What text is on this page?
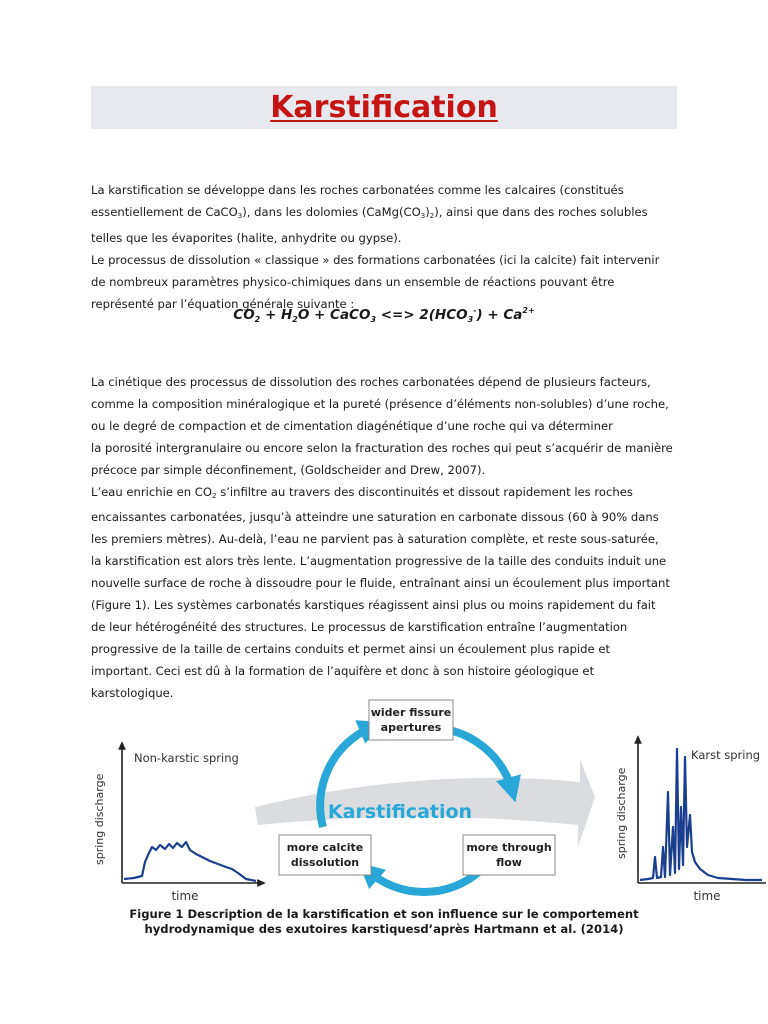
Karstification

La karstification se développe dans les roches carbonatées comme les calcaires (constitués

essentiellement de CaCO$_3$), dans les dolomies $(CaMg(CO_3)_2)$, ainsi que dans des roches solubles

telles que les évaporites (halite, anhydrite ou gypse).

Le processus de dissolution « classique » des formations carbonatées (ici la calcite) fait intervenir

de nombreux paramètres physico-chimiques dans un ensemble de réactions pouvant être

représenté par l’équation générale suivante :

$CO_2 + H_2O$ + CaCO$_3$ <=> $2(HCO_3^-) + Ca^{2+}$

La cinétique des processus de dissolution des roches carbonatées dépend de plusieurs facteurs,

comme la composition minéralogique et la pureté (présence d’éléments non-solubles) d’une roche,

ou le degré de compaction et de cimentation diagénétique d’une roche qui va déterminer

la porosité intergranulaire ou encore selon la fracturation des roches qui peut s’acquérir de manière

précoce par simple déconfinement, (Goldscheider and Drew, 2007).

L’eau enrichie en $CO_2$ s’infiltre au travers des discontinuités et dissout rapidement les roches

encaissantes carbonatées, jusqu’à atteindre une saturation en carbonate dissous (60 à 90% dans

les premiers mètres). Au-delà, l’eau ne parvient pas à saturation complète, et reste sous-saturée,

la karstification est alors très lente. L’augmentation progressive de la taille des conduits induit une

nouvelle surface de roche à dissoudre pour le fluide, entraînant ainsi un écoulement plus important

(Figure 1). Les systèmes carbonatés karstiques réagissent ainsi plus ou moins rapidement du fait

de leur hétérogénéité des structures. Le processus de karstification entraîne l’augmentation

progressive de la taille de certains conduits et permet ainsi un écoulement plus rapide et

important. Ceci est dû à la formation de l’aquifère et donc à son histoire géologique et

karstologique.

Karstification
wider fissure
apertures
more through
flow
more calcite
dissolution
spring discharge
time
Non-karstic spring
spring discharge
time
Karst spring

Figure 1 Description de la karstification et son influence sur le comportement

hydrodynamique des exutoires karstiquesd’après Hartmann et al. (2014)
